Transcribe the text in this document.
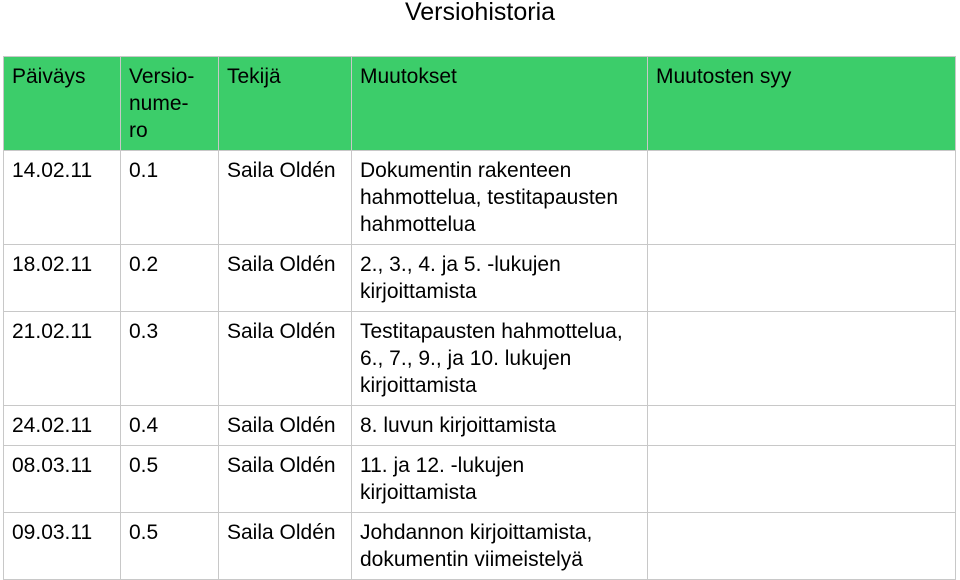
Versiohistoria
Päiväys	Versio- nume- ro	Tekijä	Muutokset	Muutosten syy
14.02.11	0.1	Saila Oldén	Dokumentin rakenteen hahmottelua, testitapausten hahmottelua	
18.02.11	0.2	Saila Oldén	2., 3., 4. ja 5. -lukujen kirjoittamista	
21.02.11	0.3	Saila Oldén	Testitapausten hahmottelua, 6., 7., 9., ja 10. lukujen kirjoittamista	
24.02.11	0.4	Saila Oldén	8. luvun kirjoittamista	
08.03.11	0.5	Saila Oldén	11. ja 12. -lukujen kirjoittamista	
09.03.11	0.5	Saila Oldén	Johdannon kirjoittamista, dokumentin viimeistelyä	
